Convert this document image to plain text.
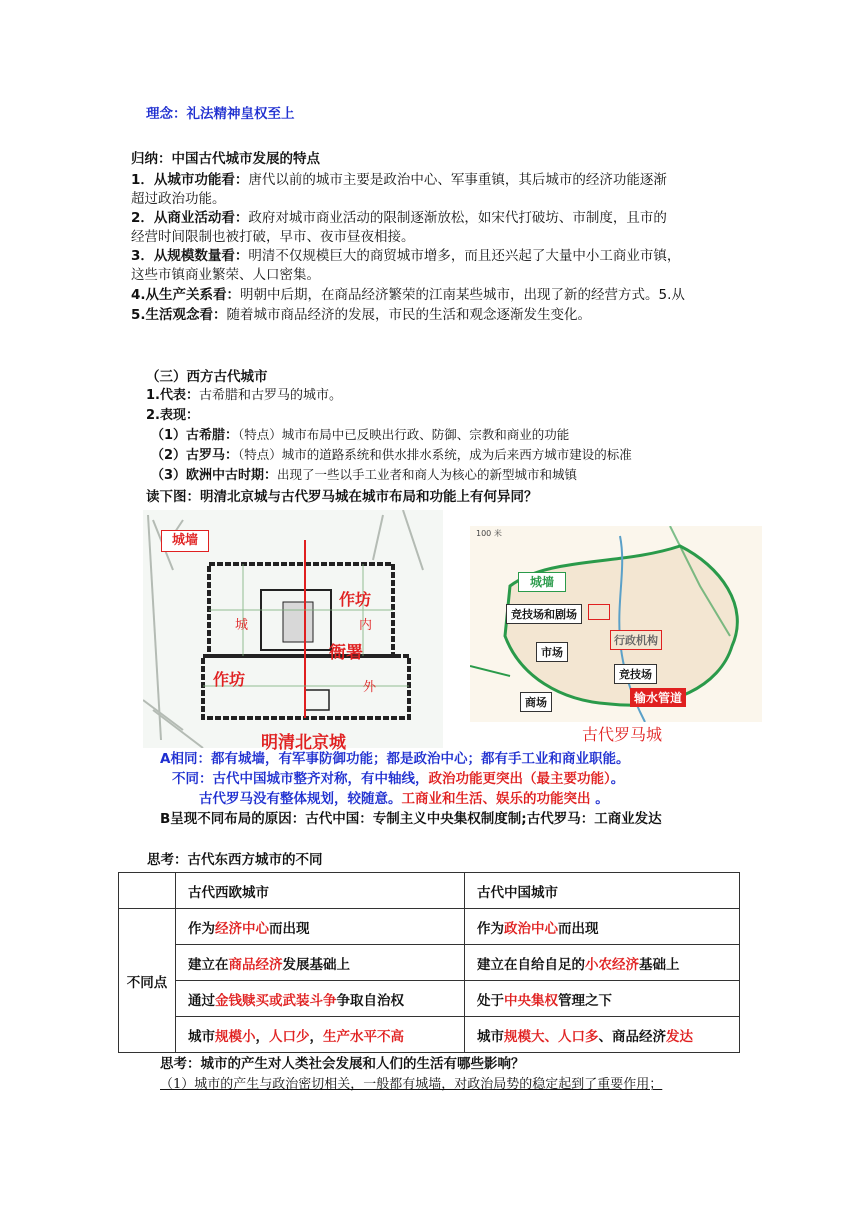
理念：礼法精神皇权至上
归纳：中国古代城市发展的特点
1．从城市功能看：唐代以前的城市主要是政治中心、军事重镇，其后城市的经济功能逐渐
超过政治功能。
2．从商业活动看：政府对城市商业活动的限制逐渐放松，如宋代打破坊、市制度，且市的
经营时间限制也被打破，早市、夜市昼夜相接。
3．从规模数量看：明清不仅规模巨大的商贸城市增多，而且还兴起了大量中小工商业市镇，
这些市镇商业繁荣、人口密集。
4.从生产关系看：明朝中后期，在商品经济繁荣的江南某些城市，出现了新的经营方式。5.从
5.生活观念看：随着城市商品经济的发展，市民的生活和观念逐渐发生变化。
（三）西方古代城市
1.代表：古希腊和古罗马的城市。
2.表现：
（1）古希腊：（特点）城市布局中已反映出行政、防御、宗教和商业的功能
（2）古罗马：（特点）城市的道路系统和供水排水系统，成为后来西方城市建设的标准
（3）欧洲中古时期：出现了一些以手工业者和商人为核心的新型城市和城镇
读下图：明清北京城与古代罗马城在城市布局和功能上有何异同？
城墙
作坊
作坊
衙署
城	内
外
明清北京城
100 米
城墙
竞技场和剧场
行政机构
市场
竞技场
输水管道
商场
古代罗马城
A相同：都有城墙，有军事防御功能；都是政治中心；都有手工业和商业职能。
不同：古代中国城市整齐对称，有中轴线，政治功能更突出（最主要功能）。
古代罗马没有整体规划，较随意。工商业和生活、娱乐的功能突出 。
B呈现不同布局的原因：古代中国：专制主义中央集权制度制;古代罗马：工商业发达
思考：古代东西方城市的不同
	古代西欧城市	古代中国城市
不同点	作为经济中心而出现	作为政治中心而出现
	建立在商品经济发展基础上	建立在自给自足的小农经济基础上
	通过金钱赎买或武装斗争争取自治权	处于中央集权管理之下
	城市规模小，人口少，生产水平不高	城市规模大、人口多、商品经济发达
思考：城市的产生对人类社会发展和人们的生活有哪些影响？
（1）城市的产生与政治密切相关，一般都有城墙，对政治局势的稳定起到了重要作用；
